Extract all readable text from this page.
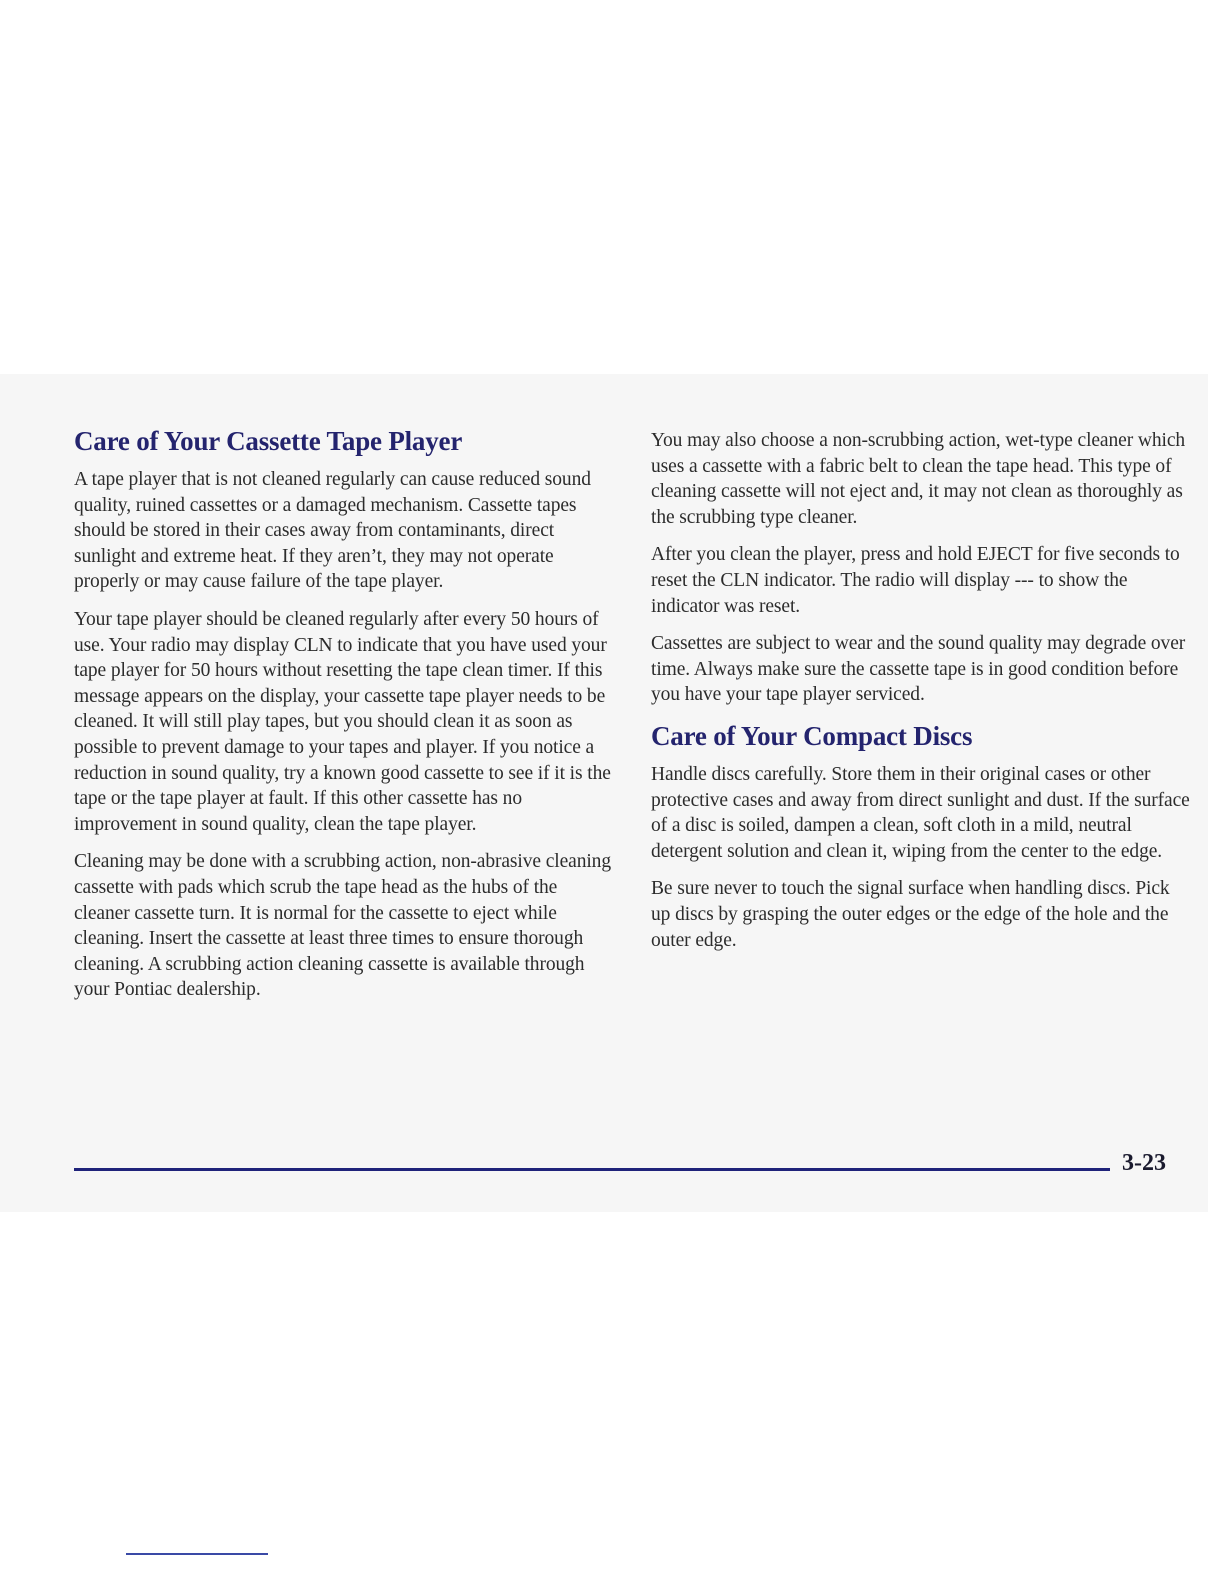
Care of Your Cassette Tape Player

A tape player that is not cleaned regularly can cause reduced sound quality, ruined cassettes or a damaged mechanism. Cassette tapes should be stored in their cases away from contaminants, direct sunlight and extreme heat. If they aren’t, they may not operate properly or may cause failure of the tape player.

Your tape player should be cleaned regularly after every 50 hours of use. Your radio may display CLN to indicate that you have used your tape player for 50 hours without resetting the tape clean timer. If this message appears on the display, your cassette tape player needs to be cleaned. It will still play tapes, but you should clean it as soon as possible to prevent damage to your tapes and player. If you notice a reduction in sound quality, try a known good cassette to see if it is the tape or the tape player at fault. If this other cassette has no improvement in sound quality, clean the tape player.

Cleaning may be done with a scrubbing action, non-abrasive cleaning cassette with pads which scrub the tape head as the hubs of the cleaner cassette turn. It is normal for the cassette to eject while cleaning. Insert the cassette at least three times to ensure thorough cleaning. A scrubbing action cleaning cassette is available through your Pontiac dealership.

You may also choose a non-scrubbing action, wet-type cleaner which uses a cassette with a fabric belt to clean the tape head. This type of cleaning cassette will not eject and, it may not clean as thoroughly as the scrubbing type cleaner.

After you clean the player, press and hold EJECT for five seconds to reset the CLN indicator. The radio will display --- to show the indicator was reset.

Cassettes are subject to wear and the sound quality may degrade over time. Always make sure the cassette tape is in good condition before you have your tape player serviced.

Care of Your Compact Discs

Handle discs carefully. Store them in their original cases or other protective cases and away from direct sunlight and dust. If the surface of a disc is soiled, dampen a clean, soft cloth in a mild, neutral detergent solution and clean it, wiping from the center to the edge.

Be sure never to touch the signal surface when handling discs. Pick up discs by grasping the outer edges or the edge of the hole and the outer edge.

3-23
